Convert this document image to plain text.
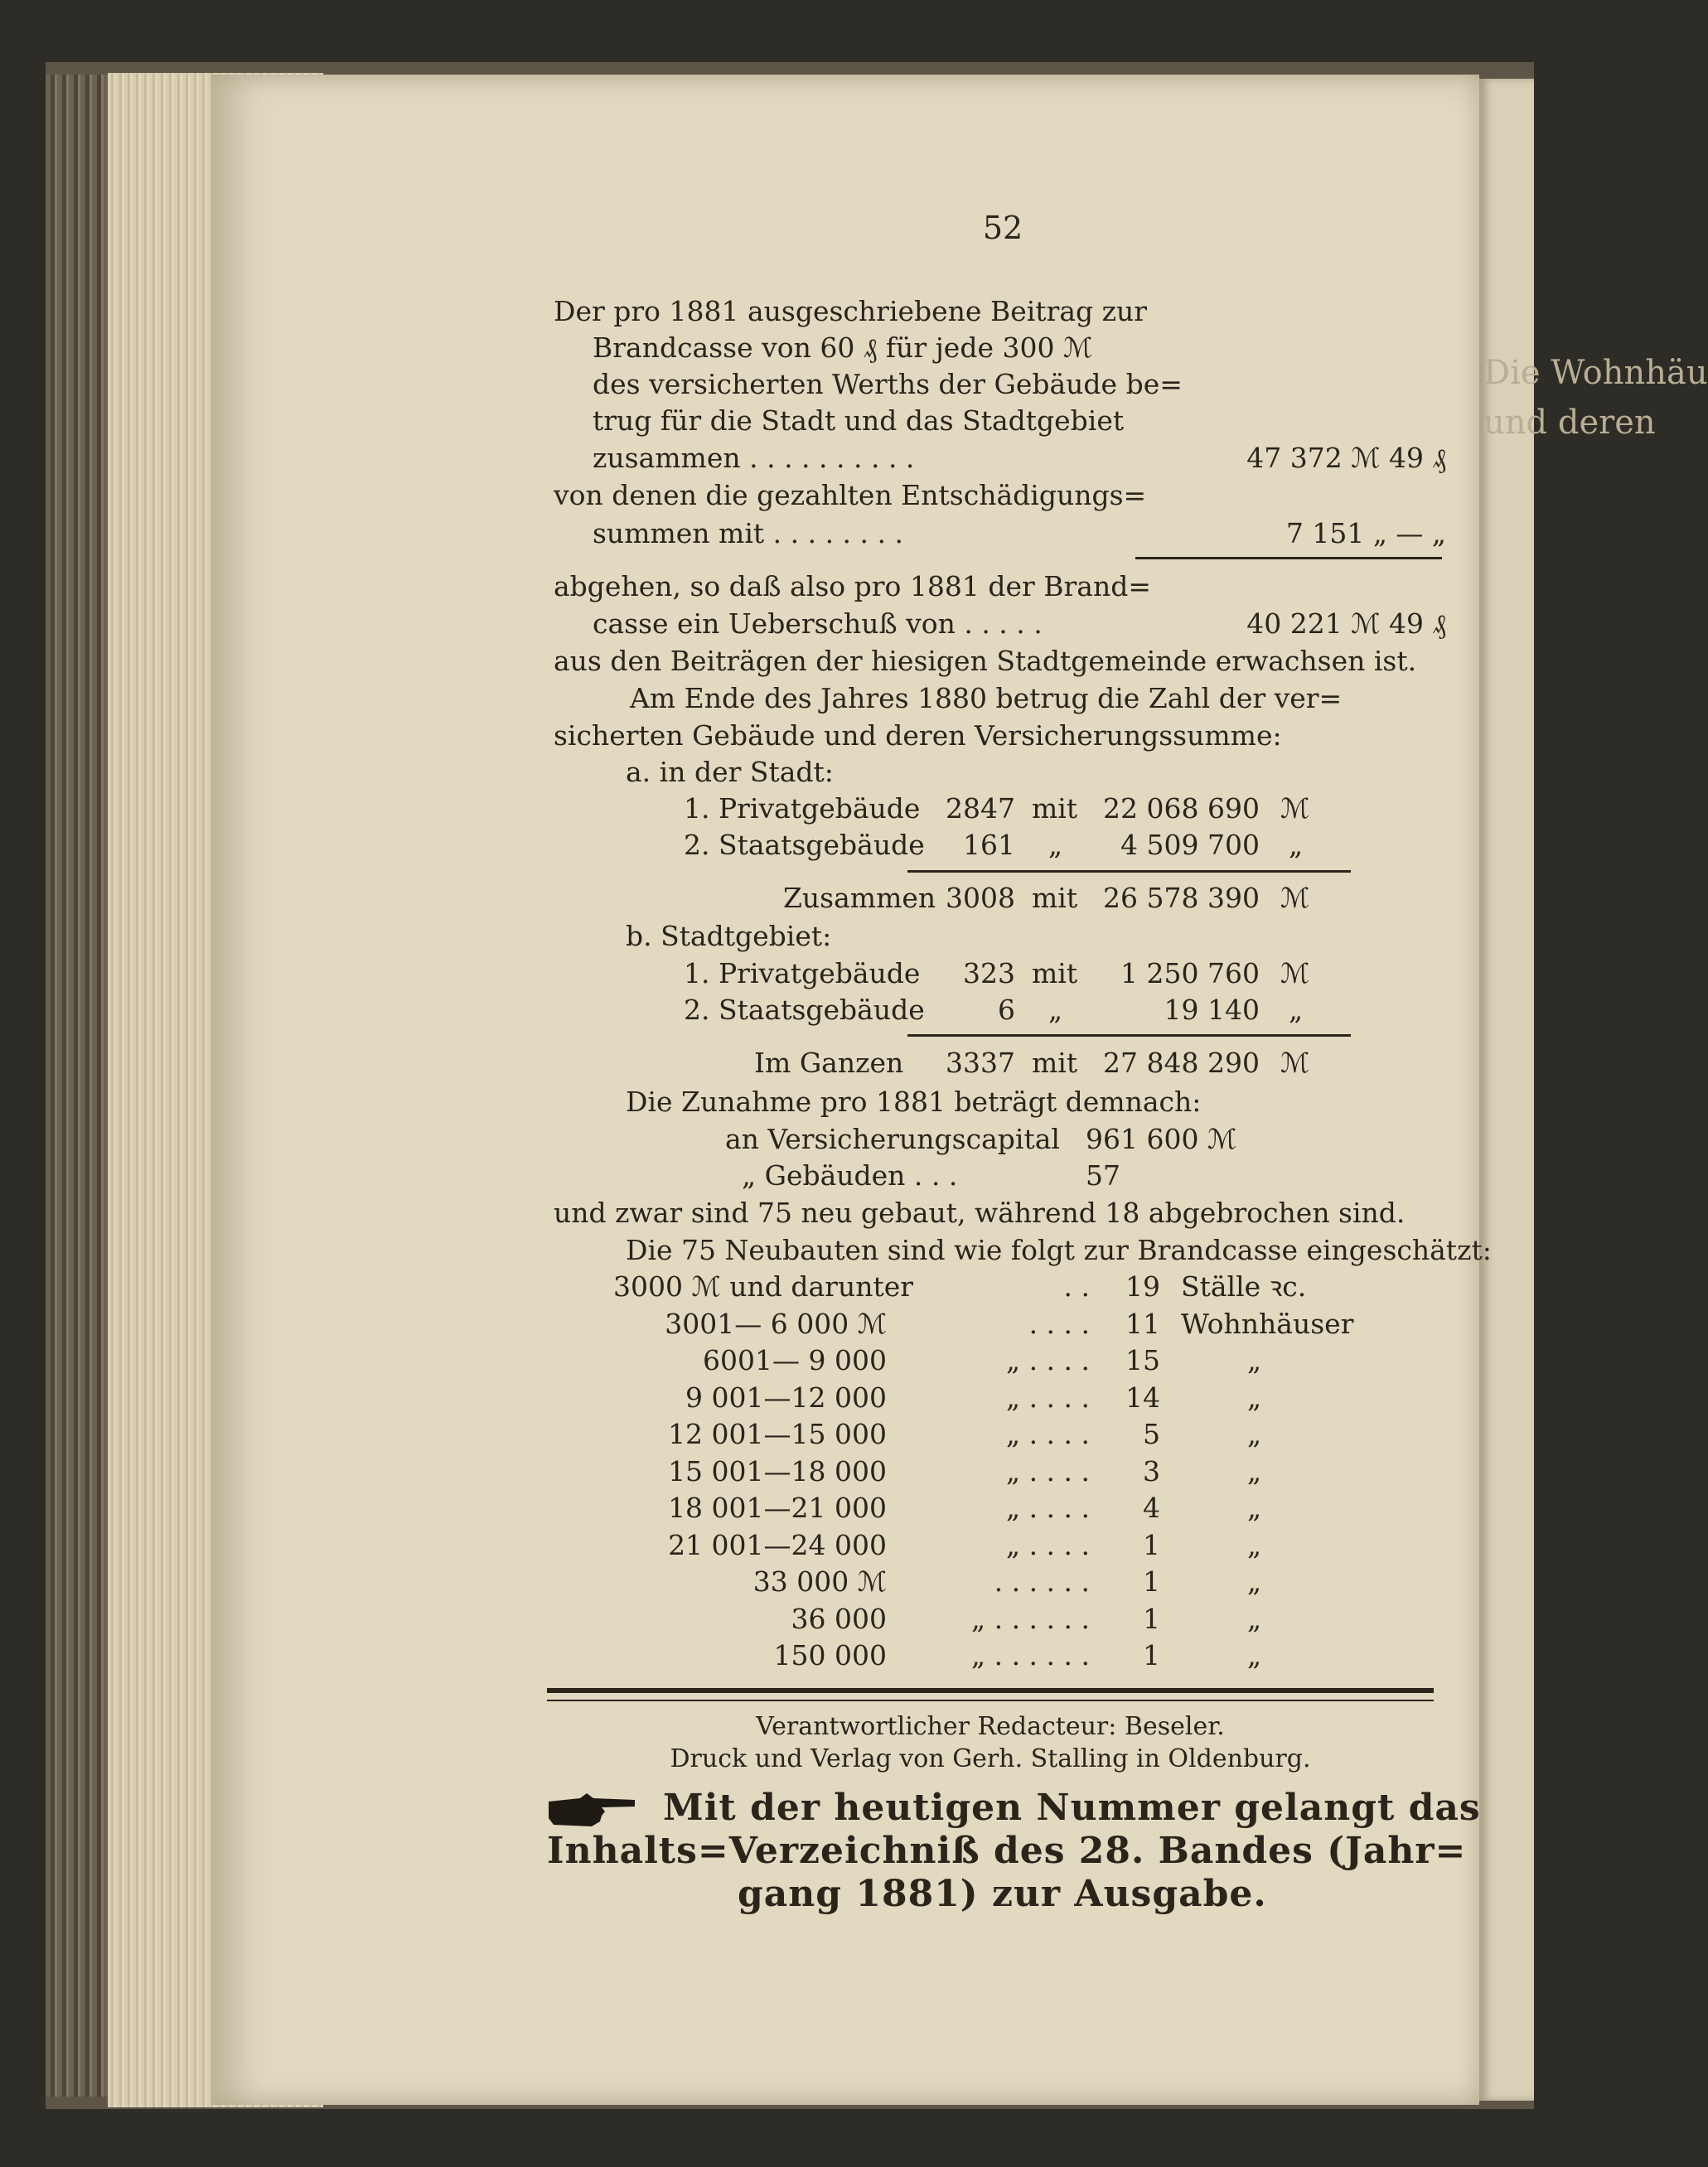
Die Wohnhäu
und deren
52
Der pro 1881 ausgeschriebene Beitrag zur
Brandcasse von 60 ₰ für jede 300 ℳ
des versicherten Werths der Gebäude be=
trug für die Stadt und das Stadtgebiet
zusammen . . . . . . . . . .	47 372 ℳ 49 ₰
von denen die gezahlten Entschädigungs=
summen mit . . . . . . . .	7 151 „ — „
abgehen, so daß also pro 1881 der Brand=
casse ein Ueberschuß von . . . . .	40 221 ℳ 49 ₰
aus den Beiträgen der hiesigen Stadtgemeinde erwachsen ist.
Am Ende des Jahres 1880 betrug die Zahl der ver=
sicherten Gebäude und deren Versicherungssumme:
a. in der Stadt:
1. Privatgebäude 2847 mit 22 068 690 ℳ
2. Staatsgebäude	161 „	4 509 700 „
Zusammen 3008 mit 26 578 390 ℳ
b. Stadtgebiet:
1. Privatgebäude	323 mit	1 250 760 ℳ
2. Staatsgebäude	6 „	19 140 „
Im Ganzen	3337 mit 27 848 290 ℳ
Die Zunahme pro 1881 beträgt demnach:
an Versicherungscapital 961 600 ℳ
„ Gebäuden . . .	57
und zwar sind 75 neu gebaut, während 18 abgebrochen sind.
Die 75 Neubauten sind wie folgt zur Brandcasse eingeschätzt:
3000 ℳ und darunter	. .	19 Ställe ꝛc.
3001— 6 000 ℳ	. . . .	11 Wohnhäuser
6001— 9 000	„ . . . .	15	„
9 001—12 000	„ . . . .	14	„
12 001—15 000	„ . . . .	5	„
15 001—18 000	„ . . . .	3	„
18 001—21 000	„ . . . .	4	„
21 001—24 000	„ . . . .	1	„
33 000 ℳ	. . . . . .	1	„
36 000	„ . . . . . .	1	„
150 000	„ . . . . . .	1	„
Verantwortlicher Redacteur: Beseler.
Druck und Verlag von Gerh. Stalling in Oldenburg.
Mit der heutigen Nummer gelangt das
Inhalts=Verzeichniß des 28. Bandes (Jahr=
gang 1881) zur Ausgabe.
